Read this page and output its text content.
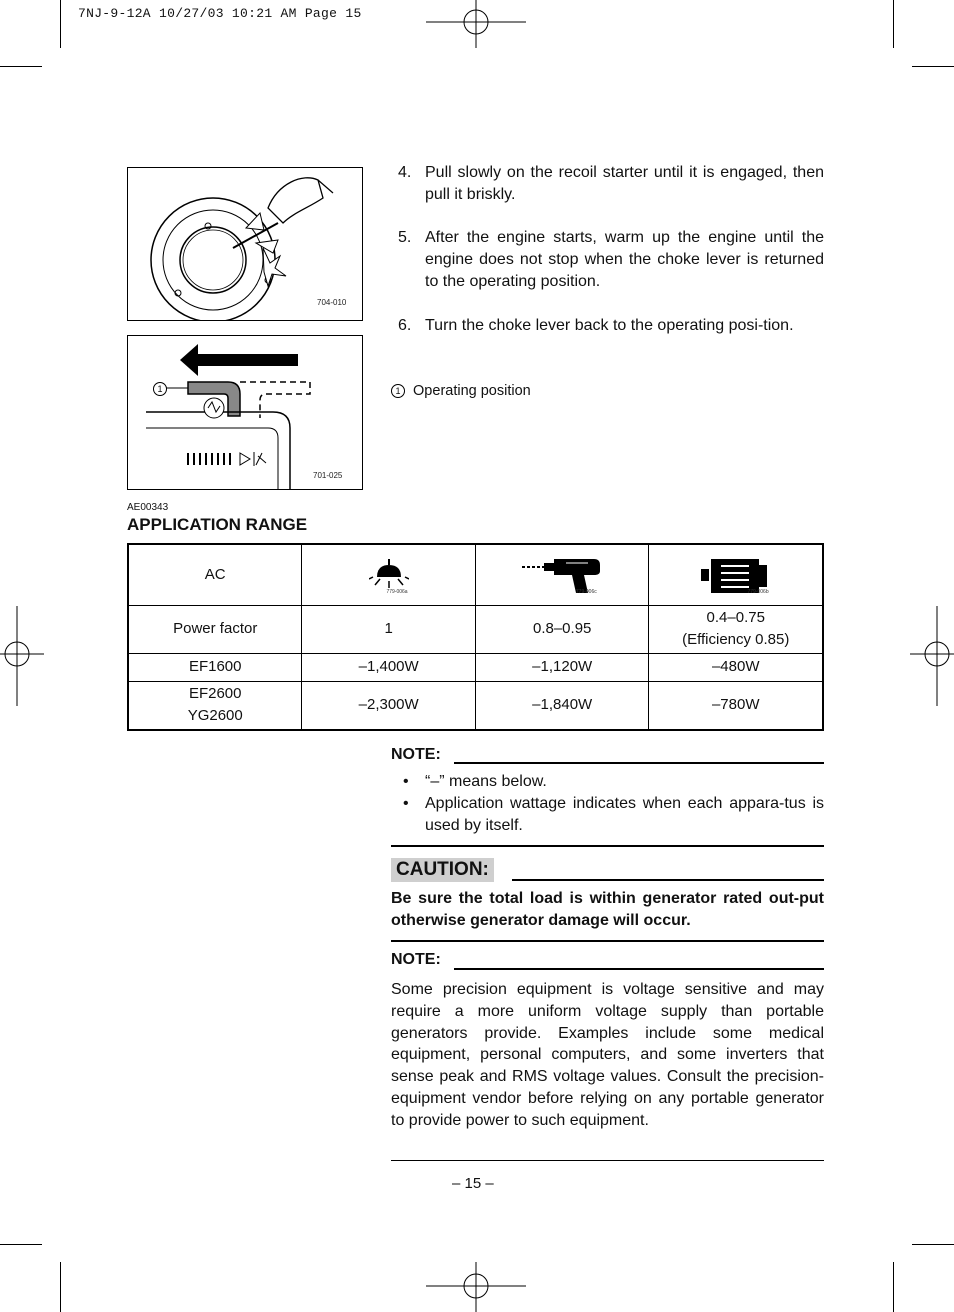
7NJ-9-12A 10/27/03 10:21 AM Page 15
704-010
1
701-025
4. Pull slowly on the recoil starter until it is engaged, then pull it briskly.
5. After the engine starts, warm up the engine until the engine does not stop when the choke lever is returned to the operating position.
6. Turn the choke lever back to the operating posi-tion.
1 Operating position
AE00343
APPLICATION RANGE
AC	779-006a	779-006c	779-006b

Power factor	1	0.8–0.95	0.4–0.75
(Efficiency 0.85)

EF1600	–1,400W	–1,120W	–480W

EF2600
YG2600	–2,300W	–1,840W	–780W
NOTE:
• “–” means below.
• Application wattage indicates when each appara-tus is used by itself.
CAUTION:
Be sure the total load is within generator rated out-put otherwise generator damage will occur.
NOTE:
Some precision equipment is voltage sensitive and may require a more uniform voltage supply than portable generators provide. Examples include some medical equipment, personal computers, and some inverters that sense peak and RMS voltage values. Consult the precision-equipment vendor before relying on any portable generator to provide power to such equipment.
– 15 –
